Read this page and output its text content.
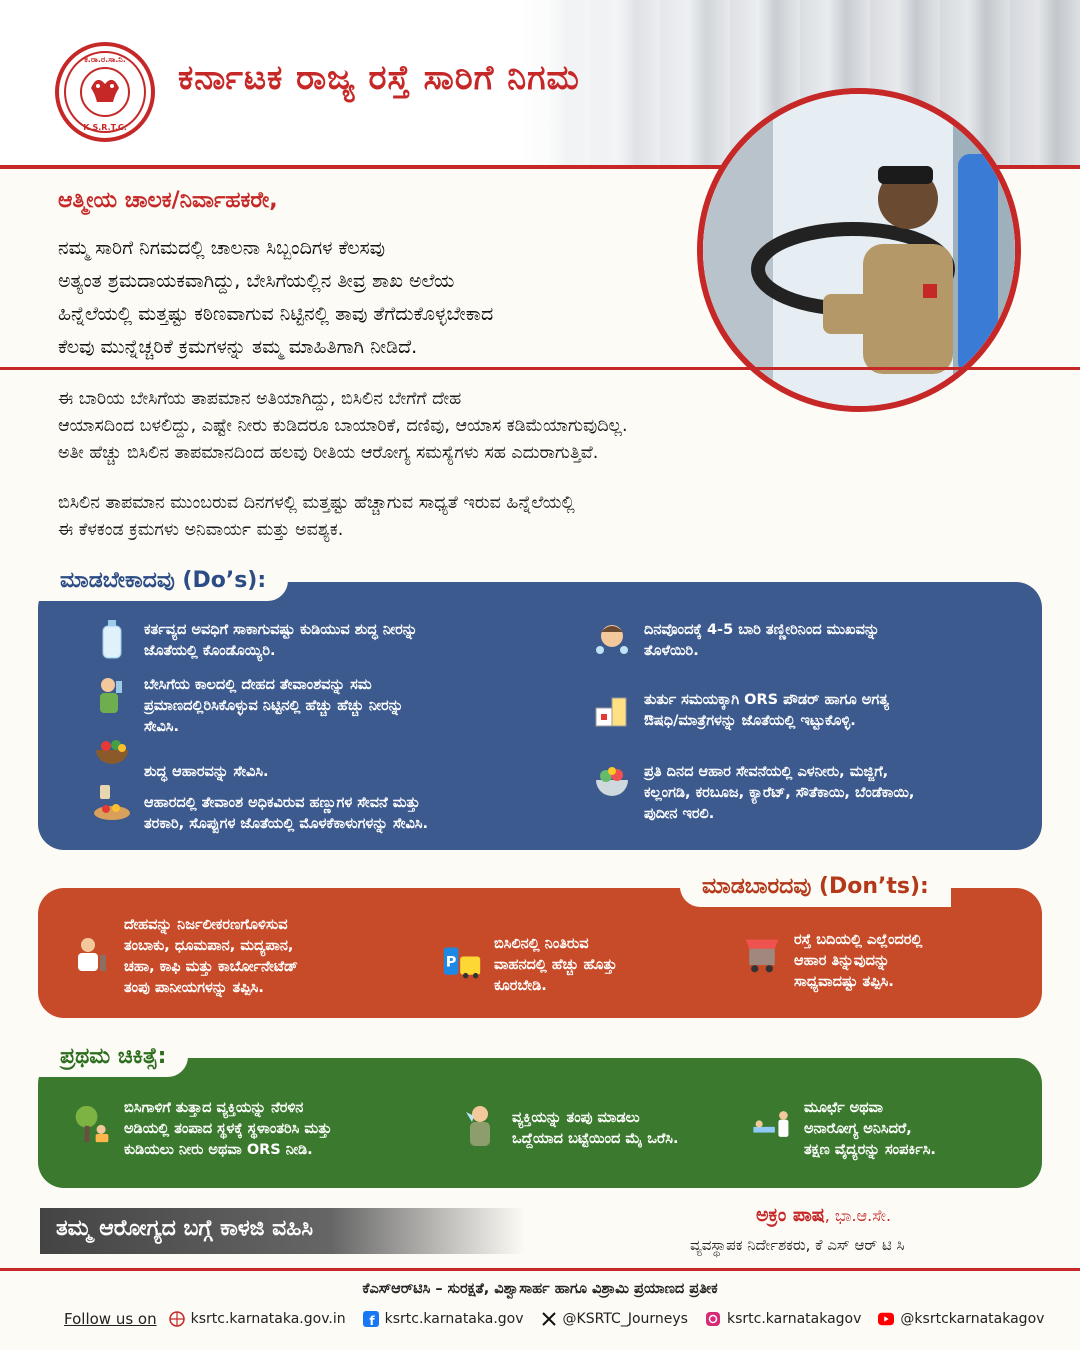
ಕ.ರಾ.ರ.ಸಾ.ನಿ.
K.S.R.T.C.
ಕರ್ನಾಟಕ ರಾಜ್ಯ ರಸ್ತೆ ಸಾರಿಗೆ ನಿಗಮ
ಆತ್ಮೀಯ ಚಾಲಕ/ನಿರ್ವಾಹಕರೇ,
ನಮ್ಮ ಸಾರಿಗೆ ನಿಗಮದಲ್ಲಿ ಚಾಲನಾ ಸಿಬ್ಬಂದಿಗಳ ಕೆಲಸವು
ಅತ್ಯಂತ ಶ್ರಮದಾಯಕವಾಗಿದ್ದು, ಬೇಸಿಗೆಯಲ್ಲಿನ ತೀವ್ರ ಶಾಖ ಅಲೆಯ
ಹಿನ್ನೆಲೆಯಲ್ಲಿ ಮತ್ತಷ್ಟು ಕಠಿಣವಾಗುವ ನಿಟ್ಟಿನಲ್ಲಿ ತಾವು ತೆಗೆದುಕೊಳ್ಳಬೇಕಾದ
ಕೆಲವು ಮುನ್ನೆಚ್ಚರಿಕೆ ಕ್ರಮಗಳನ್ನು ತಮ್ಮ ಮಾಹಿತಿಗಾಗಿ ನೀಡಿದೆ.
ಈ ಬಾರಿಯ ಬೇಸಿಗೆಯ ತಾಪಮಾನ ಅತಿಯಾಗಿದ್ದು, ಬಿಸಿಲಿನ ಬೇಗೆಗೆ ದೇಹ
ಆಯಾಸದಿಂದ ಬಳಲಿದ್ದು, ಎಷ್ಟೇ ನೀರು ಕುಡಿದರೂ ಬಾಯಾರಿಕೆ, ದಣಿವು, ಆಯಾಸ ಕಡಿಮೆಯಾಗುವುದಿಲ್ಲ.
ಅತೀ ಹೆಚ್ಚು ಬಿಸಿಲಿನ ತಾಪಮಾನದಿಂದ ಹಲವು ರೀತಿಯ ಆರೋಗ್ಯ ಸಮಸ್ಯೆಗಳು ಸಹ ಎದುರಾಗುತ್ತಿವೆ.
ಬಿಸಿಲಿನ ತಾಪಮಾನ ಮುಂಬರುವ ದಿನಗಳಲ್ಲಿ ಮತ್ತಷ್ಟು ಹೆಚ್ಚಾಗುವ ಸಾಧ್ಯತೆ ಇರುವ ಹಿನ್ನೆಲೆಯಲ್ಲಿ
ಈ ಕೆಳಕಂಡ ಕ್ರಮಗಳು ಅನಿವಾರ್ಯ ಮತ್ತು ಅವಶ್ಯಕ.
ಮಾಡಬೇಕಾದವು (Do’s):
ಕರ್ತವ್ಯದ ಅವಧಿಗೆ ಸಾಕಾಗುವಷ್ಟು ಕುಡಿಯುವ ಶುದ್ಧ ನೀರನ್ನು
ಜೊತೆಯಲ್ಲಿ ಕೊಂಡೊಯ್ಯಿರಿ.
ಬೇಸಿಗೆಯ ಕಾಲದಲ್ಲಿ ದೇಹದ ತೇವಾಂಶವನ್ನು ಸಮ
ಪ್ರಮಾಣದಲ್ಲಿರಿಸಿಕೊಳ್ಳುವ ನಿಟ್ಟಿನಲ್ಲಿ ಹೆಚ್ಚು ಹೆಚ್ಚು ನೀರನ್ನು
ಸೇವಿಸಿ.
ಶುದ್ಧ ಆಹಾರವನ್ನು ಸೇವಿಸಿ.
ಆಹಾರದಲ್ಲಿ ತೇವಾಂಶ ಅಧಿಕವಿರುವ ಹಣ್ಣುಗಳ ಸೇವನೆ ಮತ್ತು
ತರಕಾರಿ, ಸೊಪ್ಪುಗಳ ಜೊತೆಯಲ್ಲಿ ಮೊಳಕೆಕಾಳುಗಳನ್ನು ಸೇವಿಸಿ.
ದಿನವೊಂದಕ್ಕೆ 4-5 ಬಾರಿ ತಣ್ಣೀರಿನಿಂದ ಮುಖವನ್ನು
ತೊಳೆಯಿರಿ.
ತುರ್ತು ಸಮಯಕ್ಕಾಗಿ ORS ಪೌಡರ್ ಹಾಗೂ ಅಗತ್ಯ
ಔಷಧಿ/ಮಾತ್ರೆಗಳನ್ನು ಜೊತೆಯಲ್ಲಿ ಇಟ್ಟುಕೊಳ್ಳಿ.
ಪ್ರತಿ ದಿನದ ಆಹಾರ ಸೇವನೆಯಲ್ಲಿ ಎಳನೀರು, ಮಜ್ಜಿಗೆ,
ಕಲ್ಲಂಗಡಿ, ಕರಬೂಜ, ಕ್ಯಾರೆಟ್, ಸೌತೆಕಾಯಿ, ಬೆಂಡೆಕಾಯಿ,
ಪುದೀನ ಇರಲಿ.
ಮಾಡಬಾರದವು (Don’ts):
ದೇಹವನ್ನು ನಿರ್ಜಲೀಕರಣಗೊಳಿಸುವ
ತಂಬಾಕು, ಧೂಮಪಾನ, ಮದ್ಯಪಾನ,
ಚಹಾ, ಕಾಫಿ ಮತ್ತು ಕಾರ್ಬೋನೇಟೆಡ್
ತಂಪು ಪಾನೀಯಗಳನ್ನು ತಪ್ಪಿಸಿ.
P
ಬಿಸಿಲಿನಲ್ಲಿ ನಿಂತಿರುವ
ವಾಹನದಲ್ಲಿ ಹೆಚ್ಚು ಹೊತ್ತು
ಕೂರಬೇಡಿ.
ರಸ್ತೆ ಬದಿಯಲ್ಲಿ ಎಲ್ಲೆಂದರಲ್ಲಿ
ಆಹಾರ ತಿನ್ನುವುದನ್ನು
ಸಾಧ್ಯವಾದಷ್ಟು ತಪ್ಪಿಸಿ.
ಪ್ರಥಮ ಚಿಕಿತ್ಸೆ:
ಬಿಸಿಗಾಳಿಗೆ ತುತ್ತಾದ ವ್ಯಕ್ತಿಯನ್ನು ನೆರಳಿನ
ಅಡಿಯಲ್ಲಿ ತಂಪಾದ ಸ್ಥಳಕ್ಕೆ ಸ್ಥಳಾಂತರಿಸಿ ಮತ್ತು
ಕುಡಿಯಲು ನೀರು ಅಥವಾ ORS ನೀಡಿ.
ವ್ಯಕ್ತಿಯನ್ನು ತಂಪು ಮಾಡಲು
ಒದ್ದೆಯಾದ ಬಟ್ಟೆಯಿಂದ ಮೈ ಒರೆಸಿ.
ಮೂರ್ಛೆ ಅಥವಾ
ಅನಾರೋಗ್ಯ ಅನಿಸಿದರೆ,
ತಕ್ಷಣ ವೈದ್ಯರನ್ನು ಸಂಪರ್ಕಿಸಿ.
ತಮ್ಮ ಆರೋಗ್ಯದ ಬಗ್ಗೆ ಕಾಳಜಿ ವಹಿಸಿ
ಅಕ್ರಂ ಪಾಷ, ಭಾ.ಆ.ಸೇ.
ವ್ಯವಸ್ಥಾಪಕ ನಿರ್ದೇಶಕರು, ಕೆ ಎಸ್ ಆರ್ ಟಿ ಸಿ
ಕೆಎಸ್‌ಆರ್‌ಟಿಸಿ – ಸುರಕ್ಷತೆ, ವಿಶ್ವಾಸಾರ್ಹ ಹಾಗೂ ವಿಶ್ರಾಮಿ ಪ್ರಯಾಣದ ಪ್ರತೀಕ
Follow us on ksrtc.karnataka.gov.in f ksrtc.karnataka.gov	@KSRTC_Journeys	ksrtc.karnatakagov	@ksrtckarnatakagov
